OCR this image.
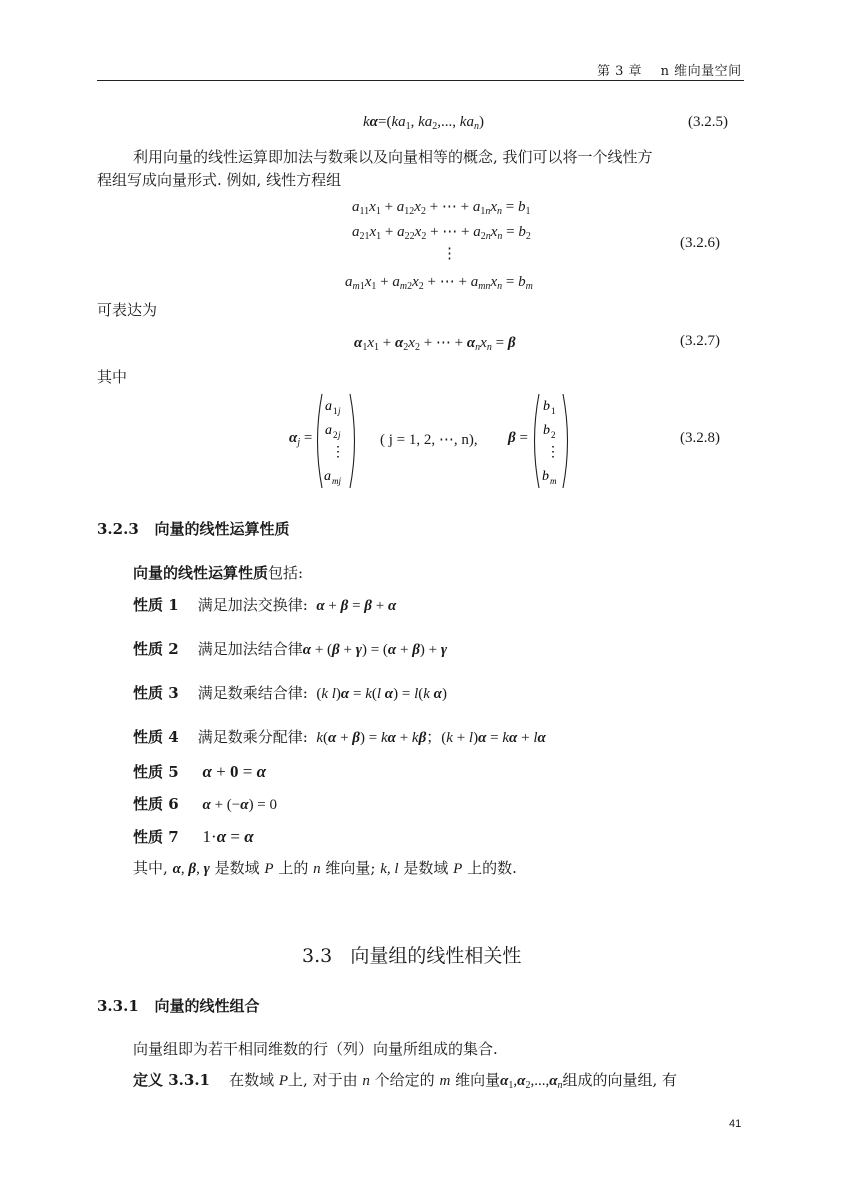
第 3 章 n 维向量空间
$k\alpha=(ka_1$, $ka_2$,..., $ka_n$)	(3.2.5)
利用向量的线性运算即加法与数乘以及向量相等的概念, 我们可以将一个线性方
程组写成向量形式. 例如, 线性方程组
$a_{11}x_1 + a_{12}x_2$ + ⋯ + $a_{1n}x_n = b_1$
$a_{21}x_1 + a_{22}x_2$ + ⋯ + $a_{2n}x_n = b_2$
⋮
$a_{m1}x_1 + a_{m2}x_2$ + ⋯ + $a_{mn}x_n = b_m$
(3.2.6)
可表达为
$\alpha_1x_1 + \alpha_2x_2$ + ⋯ + $\alpha_nx_n = \beta$	(3.2.7)
其中
$\alpha_j$ =
a 1 j
a 2 j
⋮
a mj
( j = 1, 2, ⋯, n), β =
b 1
b 2
⋮
b m
(3.2.8)
3.2.3 向量的线性运算性质
向量的线性运算性质包括:
性质 1 满足加法交换律: α + β = β + α
性质 2 满足加法结合律α + (β + γ) = (α + β) + γ
性质 3 满足数乘结合律:  (k l)α = k(l α) = l(k α)
性质 4 满足数乘分配律: k(α + β) = kα + kβ；(k + l)α = kα + lα
性质 5 α + 0 = α
性质 6 α + (−α) = 0
性质 7 1·α = α
其中, α, β, γ 是数域 P 上的 n 维向量; k, l 是数域 P 上的数.
3.3 向量组的线性相关性
3.3.1 向量的线性组合
向量组即为若干相同维数的行（列）向量所组成的集合.
定义 3.3.1 在数域 P上, 对于由 n 个给定的 m 维向量$\alpha_1,\alpha_2,...,\alpha_n$组成的向量组, 有
41
